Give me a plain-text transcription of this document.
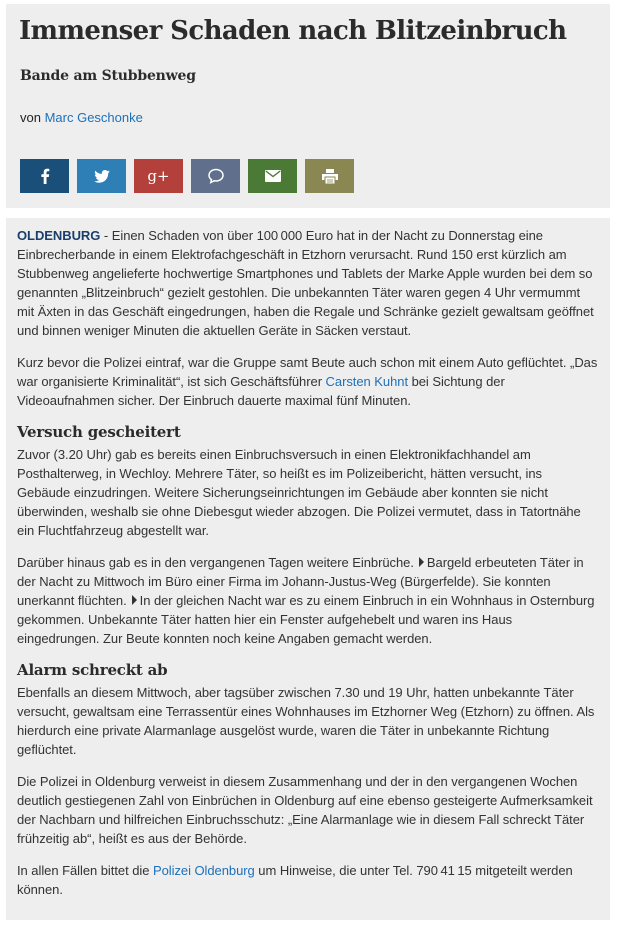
Immenser Schaden nach Blitzeinbruch
Bande am Stubbenweg
von Marc Geschonke
g+

OLDENBURG - Einen Schaden von über 100 000 Euro hat in der Nacht zu Donnerstag eine Einbrecherbande in einem Elektrofachgeschäft in Etzhorn verursacht. Rund 150 erst kürzlich am Stubbenweg angelieferte hochwertige Smartphones und Tablets der Marke Apple wurden bei dem so genannten „Blitzeinbruch“ gezielt gestohlen. Die unbekannten Täter waren gegen 4 Uhr vermummt mit Äxten in das Geschäft eingedrungen, haben die Regale und Schränke gezielt gewaltsam geöffnet und binnen weniger Minuten die aktuellen Geräte in Säcken verstaut.

Kurz bevor die Polizei eintraf, war die Gruppe samt Beute auch schon mit einem Auto geflüchtet. „Das war organisierte Kriminalität“, ist sich Geschäftsführer Carsten Kuhnt bei Sichtung der Videoaufnahmen sicher. Der Einbruch dauerte maximal fünf Minuten.

Versuch gescheitert

Zuvor (3.20 Uhr) gab es bereits einen Einbruchsversuch in einen Elektronikfachhandel am Posthalterweg, in Wechloy. Mehrere Täter, so heißt es im Polizeibericht, hätten versucht, ins Gebäude einzudringen. Weitere Sicherungseinrichtungen im Gebäude aber konnten sie nicht überwinden, weshalb sie ohne Diebesgut wieder abzogen. Die Polizei vermutet, dass in Tatortnähe ein Fluchtfahrzeug abgestellt war.

Darüber hinaus gab es in den vergangenen Tagen weitere Einbrüche. Bargeld erbeuteten Täter in der Nacht zu Mittwoch im Büro einer Firma im Johann-Justus-Weg (Bürgerfelde). Sie konnten unerkannt flüchten. In der gleichen Nacht war es zu einem Einbruch in ein Wohnhaus in Osternburg gekommen. Unbekannte Täter hatten hier ein Fenster aufgehebelt und waren ins Haus eingedrungen. Zur Beute konnten noch keine Angaben gemacht werden.

Alarm schreckt ab

Ebenfalls an diesem Mittwoch, aber tagsüber zwischen 7.30 und 19 Uhr, hatten unbekannte Täter versucht, gewaltsam eine Terrassentür eines Wohnhauses im Etzhorner Weg (Etzhorn) zu öffnen. Als hierdurch eine private Alarmanlage ausgelöst wurde, waren die Täter in unbekannte Richtung geflüchtet.

Die Polizei in Oldenburg verweist in diesem Zusammenhang und der in den vergangenen Wochen deutlich gestiegenen Zahl von Einbrüchen in Oldenburg auf eine ebenso gesteigerte Aufmerksamkeit der Nachbarn und hilfreichen Einbruchsschutz: „Eine Alarmanlage wie in diesem Fall schreckt Täter frühzeitig ab“, heißt es aus der Behörde.

In allen Fällen bittet die Polizei Oldenburg um Hinweise, die unter Tel. 790 41 15 mitgeteilt werden können.
